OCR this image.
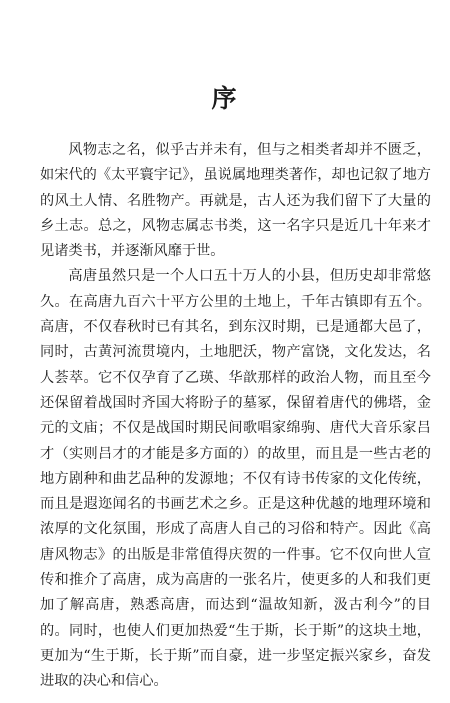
序

风物志之名，似乎古并未有，但与之相类者却并不匮乏，如宋代的《太平寰宇记》，虽说属地理类著作，却也记叙了地方的风土人情、名胜物产。再就是，古人还为我们留下了大量的乡土志。总之，风物志属志书类，这一名字只是近几十年来才见诸类书，并逐渐风靡于世。

高唐虽然只是一个人口五十万人的小县，但历史却非常悠久。在高唐九百六十平方公里的土地上，千年古镇即有五个。高唐，不仅春秋时已有其名，到东汉时期，已是通都大邑了，同时，古黄河流贯境内，土地肥沃，物产富饶，文化发达，名人荟萃。它不仅孕育了乙瑛、华歆那样的政治人物，而且至今还保留着战国时齐国大将盼子的墓冢，保留着唐代的佛塔，金元的文庙；不仅是战国时期民间歌唱家绵驹、唐代大音乐家吕才（实则吕才的才能是多方面的）的故里，而且是一些古老的地方剧种和曲艺品种的发源地；不仅有诗书传家的文化传统，而且是遐迩闻名的书画艺术之乡。正是这种优越的地理环境和浓厚的文化氛围，形成了高唐人自己的习俗和特产。因此《高唐风物志》的出版是非常值得庆贺的一件事。它不仅向世人宣传和推介了高唐，成为高唐的一张名片，使更多的人和我们更加了解高唐，熟悉高唐，而达到“温故知新，汲古利今”的目的。同时，也使人们更加热爱“生于斯，长于斯”的这块土地，更加为“生于斯，长于斯”而自豪，进一步坚定振兴家乡，奋发进取的决心和信心。
